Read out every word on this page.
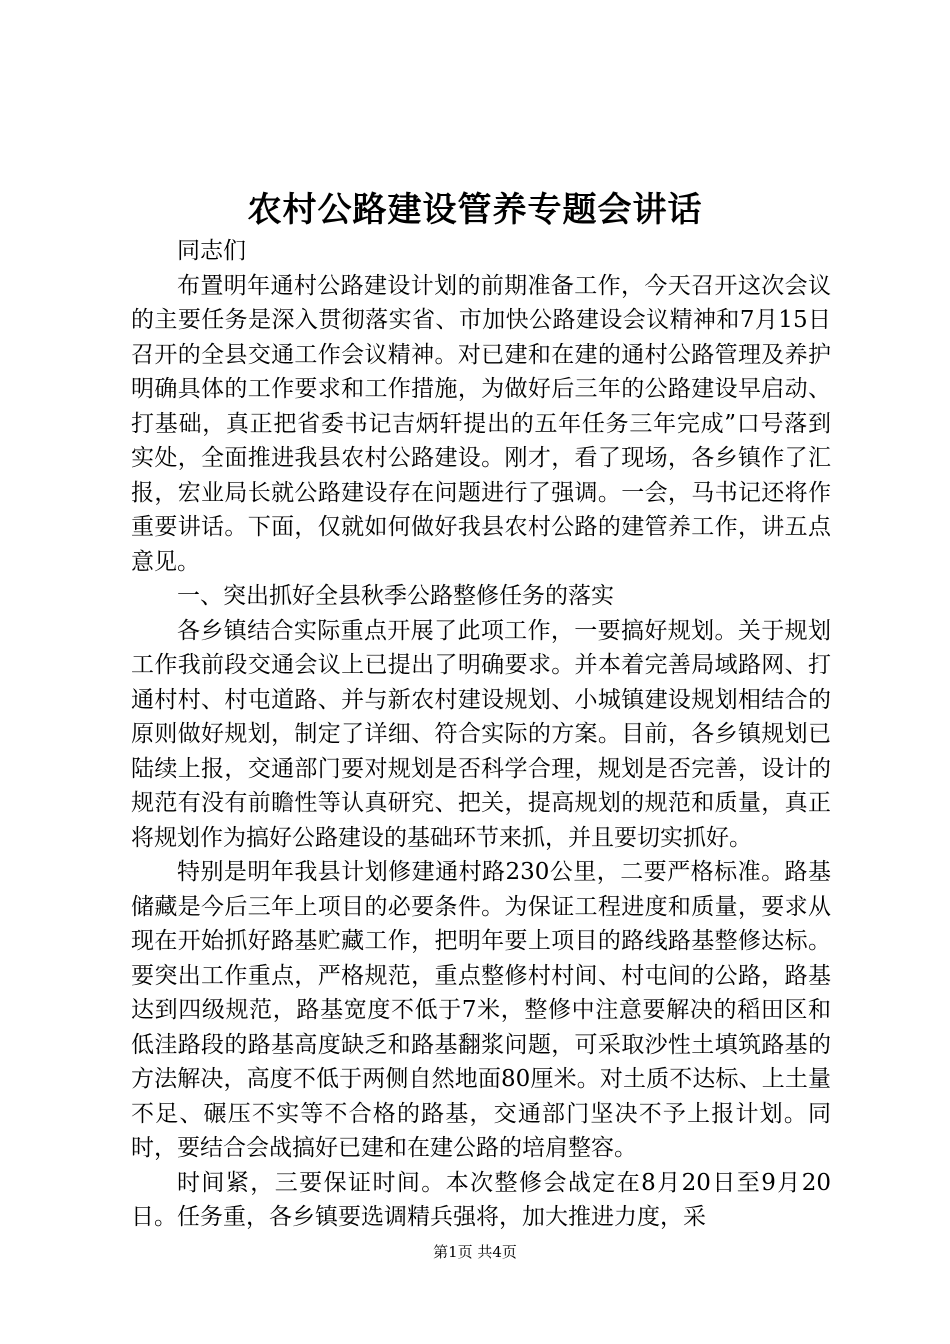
农村公路建设管养专题会讲话

同志们

布置明年通村公路建设计划的前期准备工作，今天召开这次会议的主要任务是深入贯彻落实省、市加快公路建设会议精神和7月15日召开的全县交通工作会议精神。对已建和在建的通村公路管理及养护明确具体的工作要求和工作措施，为做好后三年的公路建设早启动、打基础，真正把省委书记吉炳轩提出的五年任务三年完成”口号落到实处，全面推进我县农村公路建设。刚才，看了现场，各乡镇作了汇报，宏业局长就公路建设存在问题进行了强调。一会，马书记还将作重要讲话。下面，仅就如何做好我县农村公路的建管养工作，讲五点意见。

一、突出抓好全县秋季公路整修任务的落实

各乡镇结合实际重点开展了此项工作，一要搞好规划。关于规划工作我前段交通会议上已提出了明确要求。并本着完善局域路网、打通村村、村屯道路、并与新农村建设规划、小城镇建设规划相结合的原则做好规划，制定了详细、符合实际的方案。目前，各乡镇规划已陆续上报，交通部门要对规划是否科学合理，规划是否完善，设计的规范有没有前瞻性等认真研究、把关，提高规划的规范和质量，真正将规划作为搞好公路建设的基础环节来抓，并且要切实抓好。

特别是明年我县计划修建通村路230公里，二要严格标准。路基储藏是今后三年上项目的必要条件。为保证工程进度和质量，要求从现在开始抓好路基贮藏工作，把明年要上项目的路线路基整修达标。要突出工作重点，严格规范，重点整修村村间、村屯间的公路，路基达到四级规范，路基宽度不低于7米，整修中注意要解决的稻田区和低洼路段的路基高度缺乏和路基翻浆问题，可采取沙性土填筑路基的方法解决，高度不低于两侧自然地面80厘米。对土质不达标、上土量不足、碾压不实等不合格的路基，交通部门坚决不予上报计划。同时，要结合会战搞好已建和在建公路的培肩整容。

时间紧，三要保证时间。本次整修会战定在8月20日至9月20日。任务重，各乡镇要选调精兵强将，加大推进力度，采

第1页 共4页
